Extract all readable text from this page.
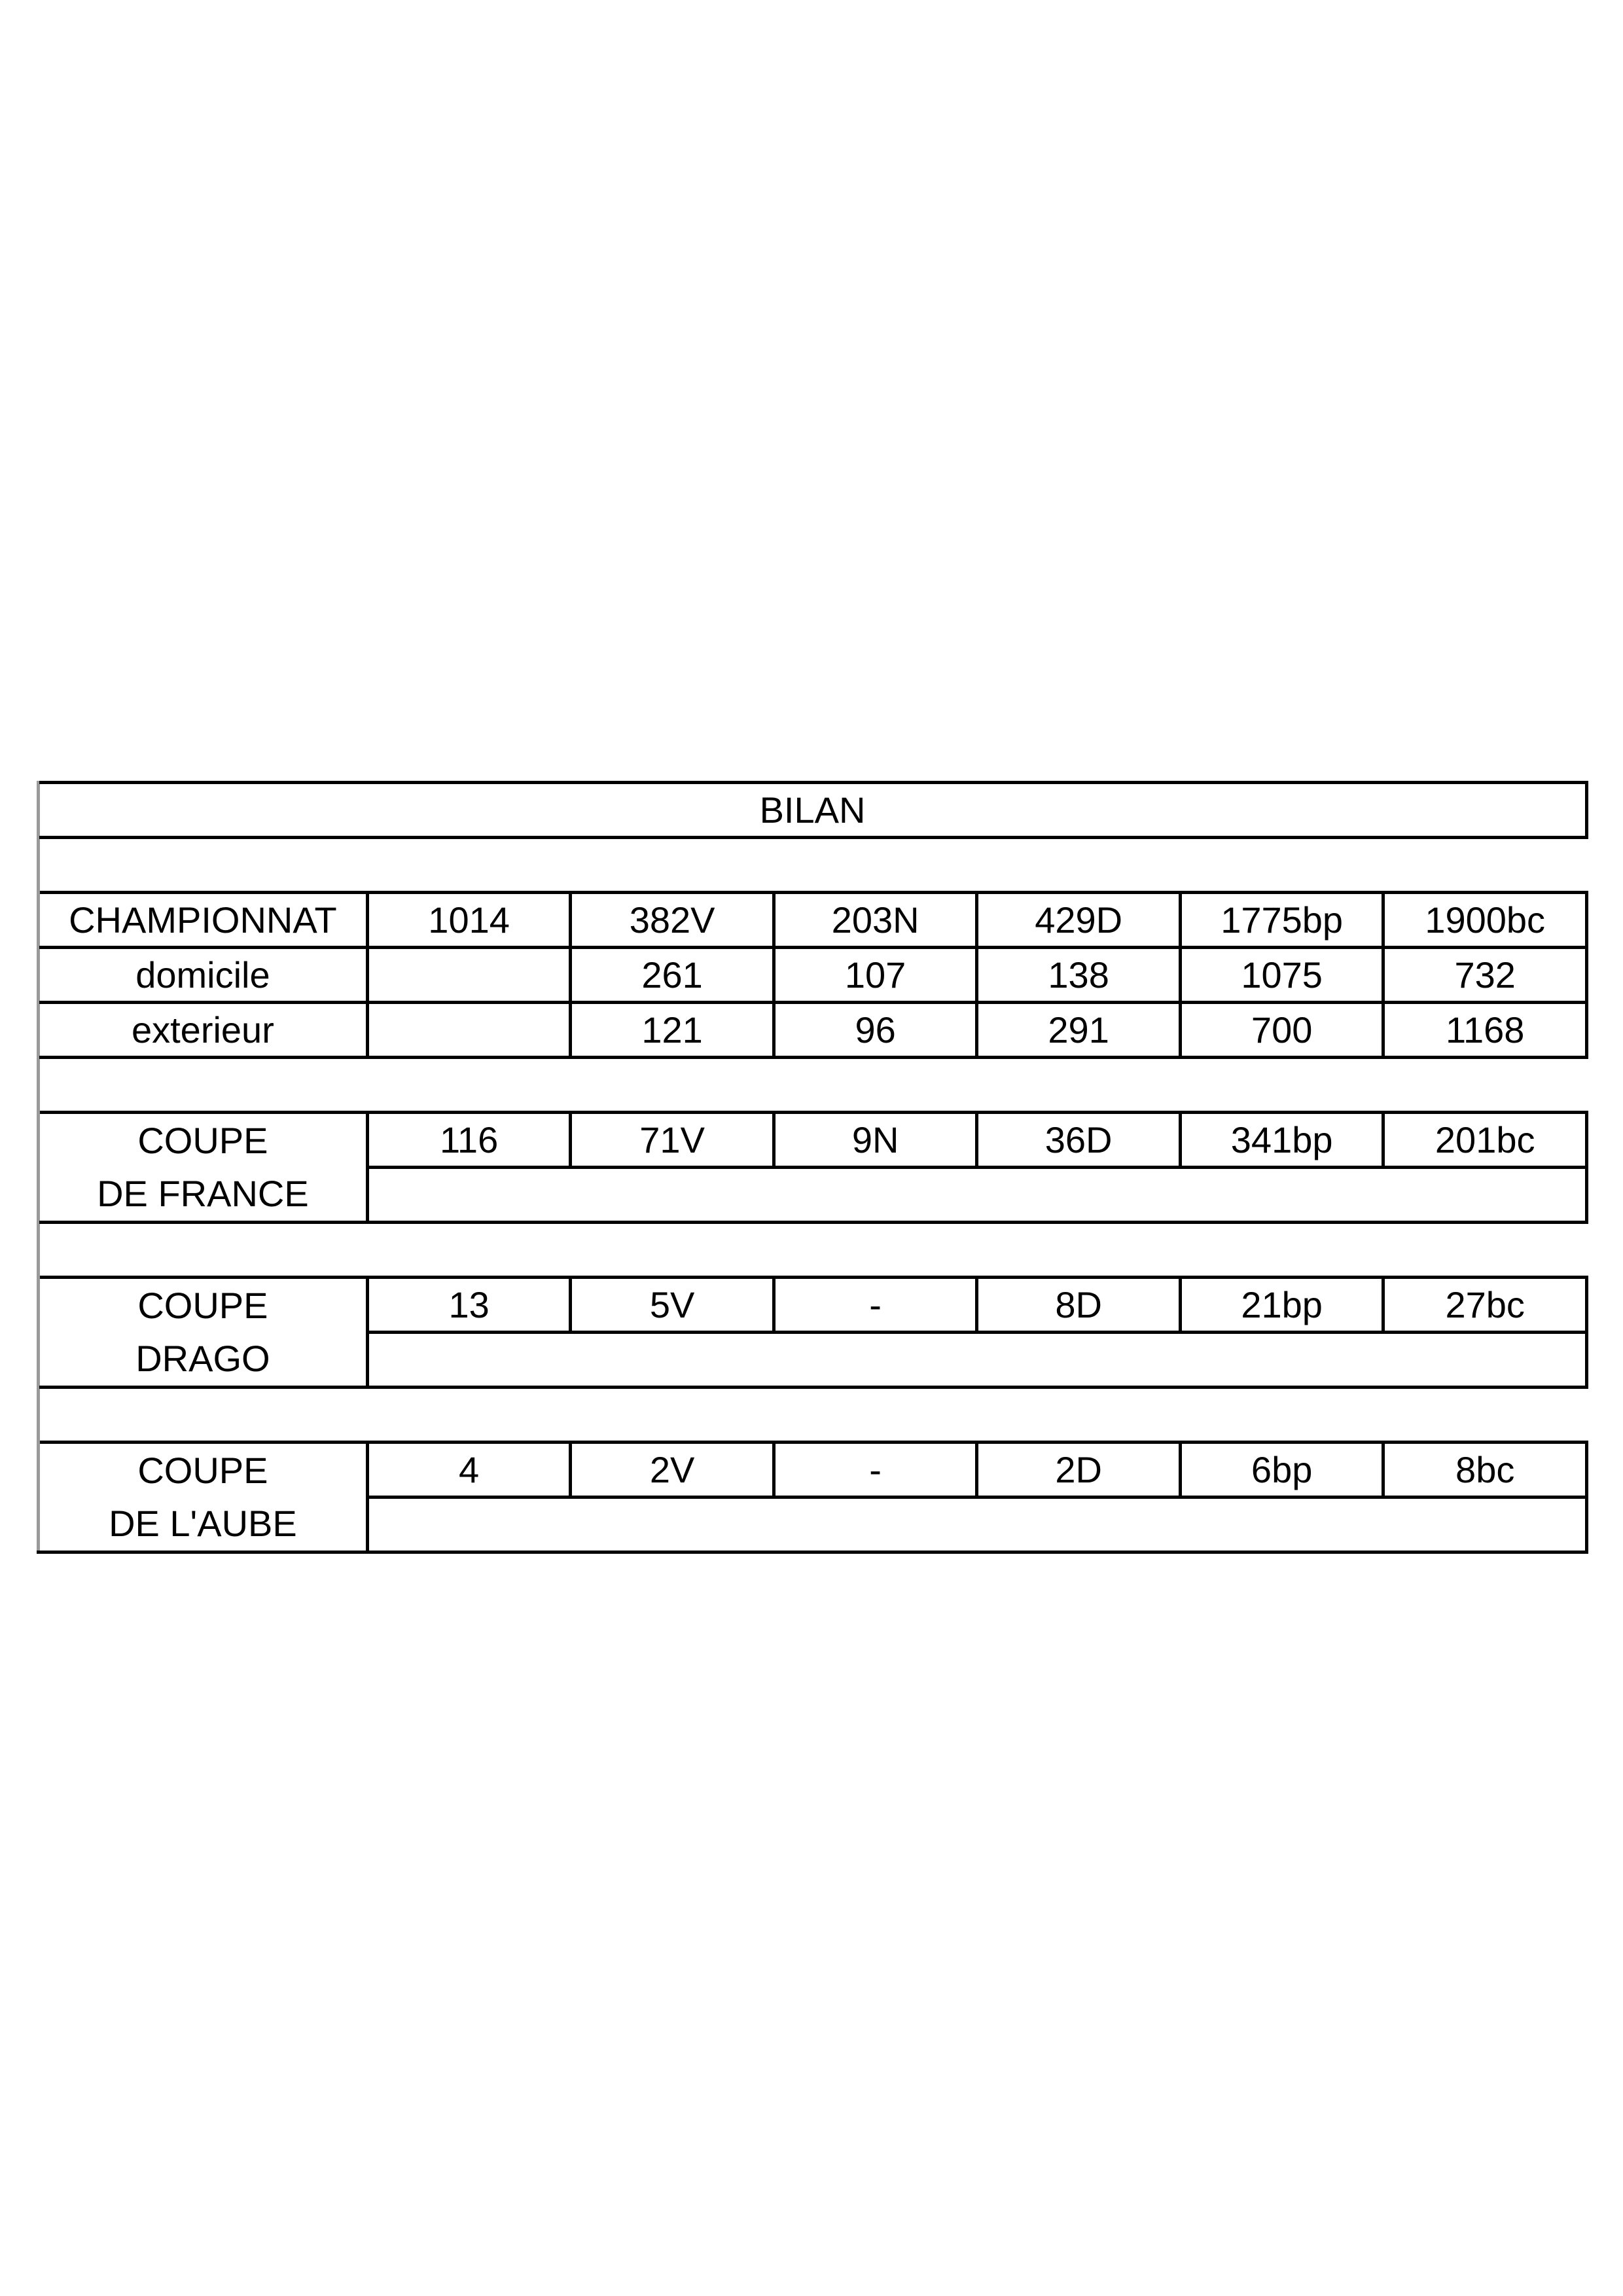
BILAN						

CHAMPIONNAT	1014	382V	203N	429D	1775bp	1900bc
domicile		261	107	138	1075	732
exterieur		121	96	291	700	1168

COUPE	116	71V	9N	36D	341bp	201bc
DE FRANCE						

COUPE	13	5V	-	8D	21bp	27bc
DRAGO						

COUPE	4	2V	-	2D	6bp	8bc
DE L'AUBE						
